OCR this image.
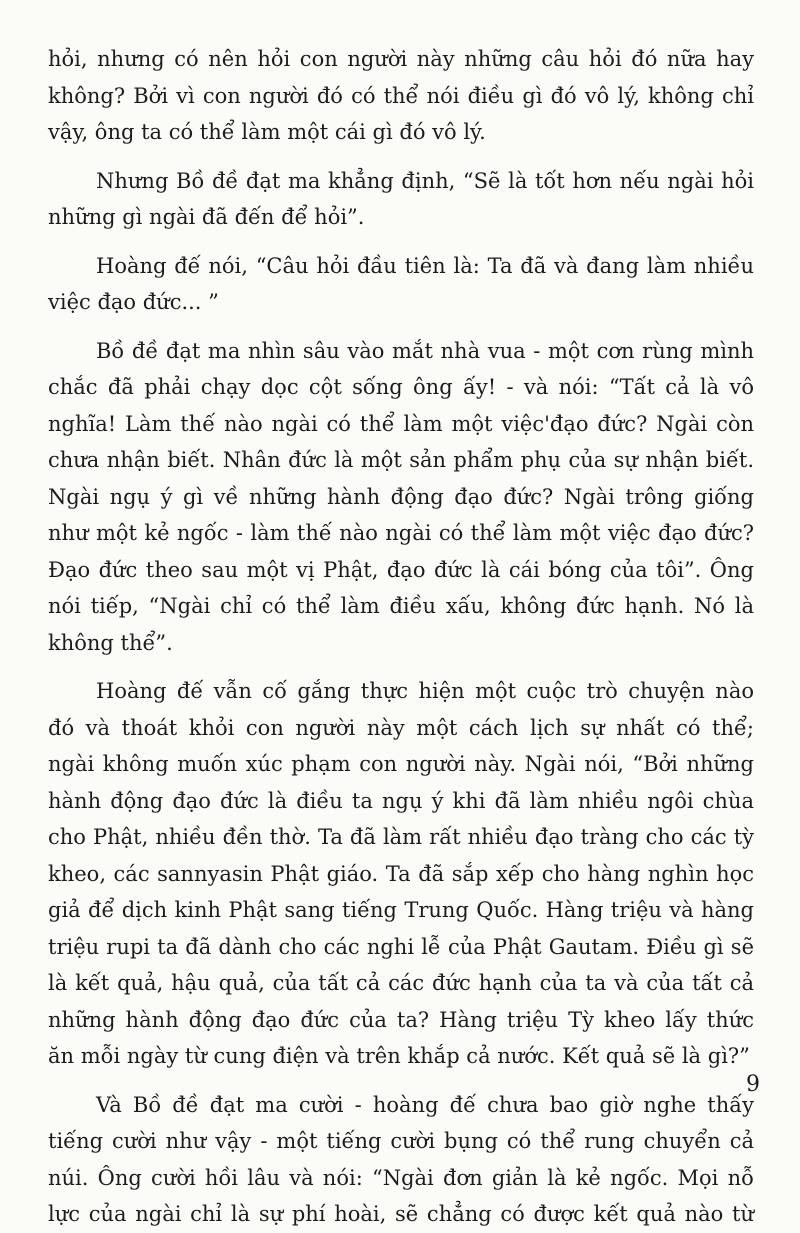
hỏi, nhưng có nên hỏi con người này những câu hỏi đó nữa hay
không? Bởi vì con người đó có thể nói điều gì đó vô lý, không chỉ
vậy, ông ta có thể làm một cái gì đó vô lý.
Nhưng Bồ đề đạt ma khẳng định, “Sẽ là tốt hơn nếu ngài hỏi
những gì ngài đã đến để hỏi”.
Hoàng đế nói, “Câu hỏi đầu tiên là: Ta đã và đang làm nhiều
việc đạo đức... ”
Bồ đề đạt ma nhìn sâu vào mắt nhà vua - một cơn rùng mình
chắc đã phải chạy dọc cột sống ông ấy! - và nói: “Tất cả là vô
nghĩa! Làm thế nào ngài có thể làm một việc'đạo đức? Ngài còn
chưa nhận biết. Nhân đức là một sản phẩm phụ của sự nhận biết.
Ngài ngụ ý gì về những hành động đạo đức? Ngài trông giống
như một kẻ ngốc - làm thế nào ngài có thể làm một việc đạo đức?
Đạo đức theo sau một vị Phật, đạo đức là cái bóng của tôi”. Ông
nói tiếp, “Ngài chỉ có thể làm điều xấu, không đức hạnh. Nó là
không thể”.
Hoàng đế vẫn cố gắng thực hiện một cuộc trò chuyện nào
đó và thoát khỏi con người này một cách lịch sự nhất có thể;
ngài không muốn xúc phạm con người này. Ngài nói, “Bởi những
hành động đạo đức là điều ta ngụ ý khi đã làm nhiều ngôi chùa
cho Phật, nhiều đền thờ. Ta đã làm rất nhiều đạo tràng cho các tỳ
kheo, các sannyasin Phật giáo. Ta đã sắp xếp cho hàng nghìn học
giả để dịch kinh Phật sang tiếng Trung Quốc. Hàng triệu và hàng
triệu rupi ta đã dành cho các nghi lễ của Phật Gautam. Điều gì sẽ
là kết quả, hậu quả, của tất cả các đức hạnh của ta và của tất cả
những hành động đạo đức của ta? Hàng triệu Tỳ kheo lấy thức
ăn mỗi ngày từ cung điện và trên khắp cả nước. Kết quả sẽ là gì?”
Và Bồ đề đạt ma cười - hoàng đế chưa bao giờ nghe thấy
tiếng cười như vậy - một tiếng cười bụng có thể rung chuyển cả
núi. Ông cười hồi lâu và nói: “Ngài đơn giản là kẻ ngốc. Mọi nỗ
lực của ngài chỉ là sự phí hoài, sẽ chẳng có được kết quả nào từ
9
